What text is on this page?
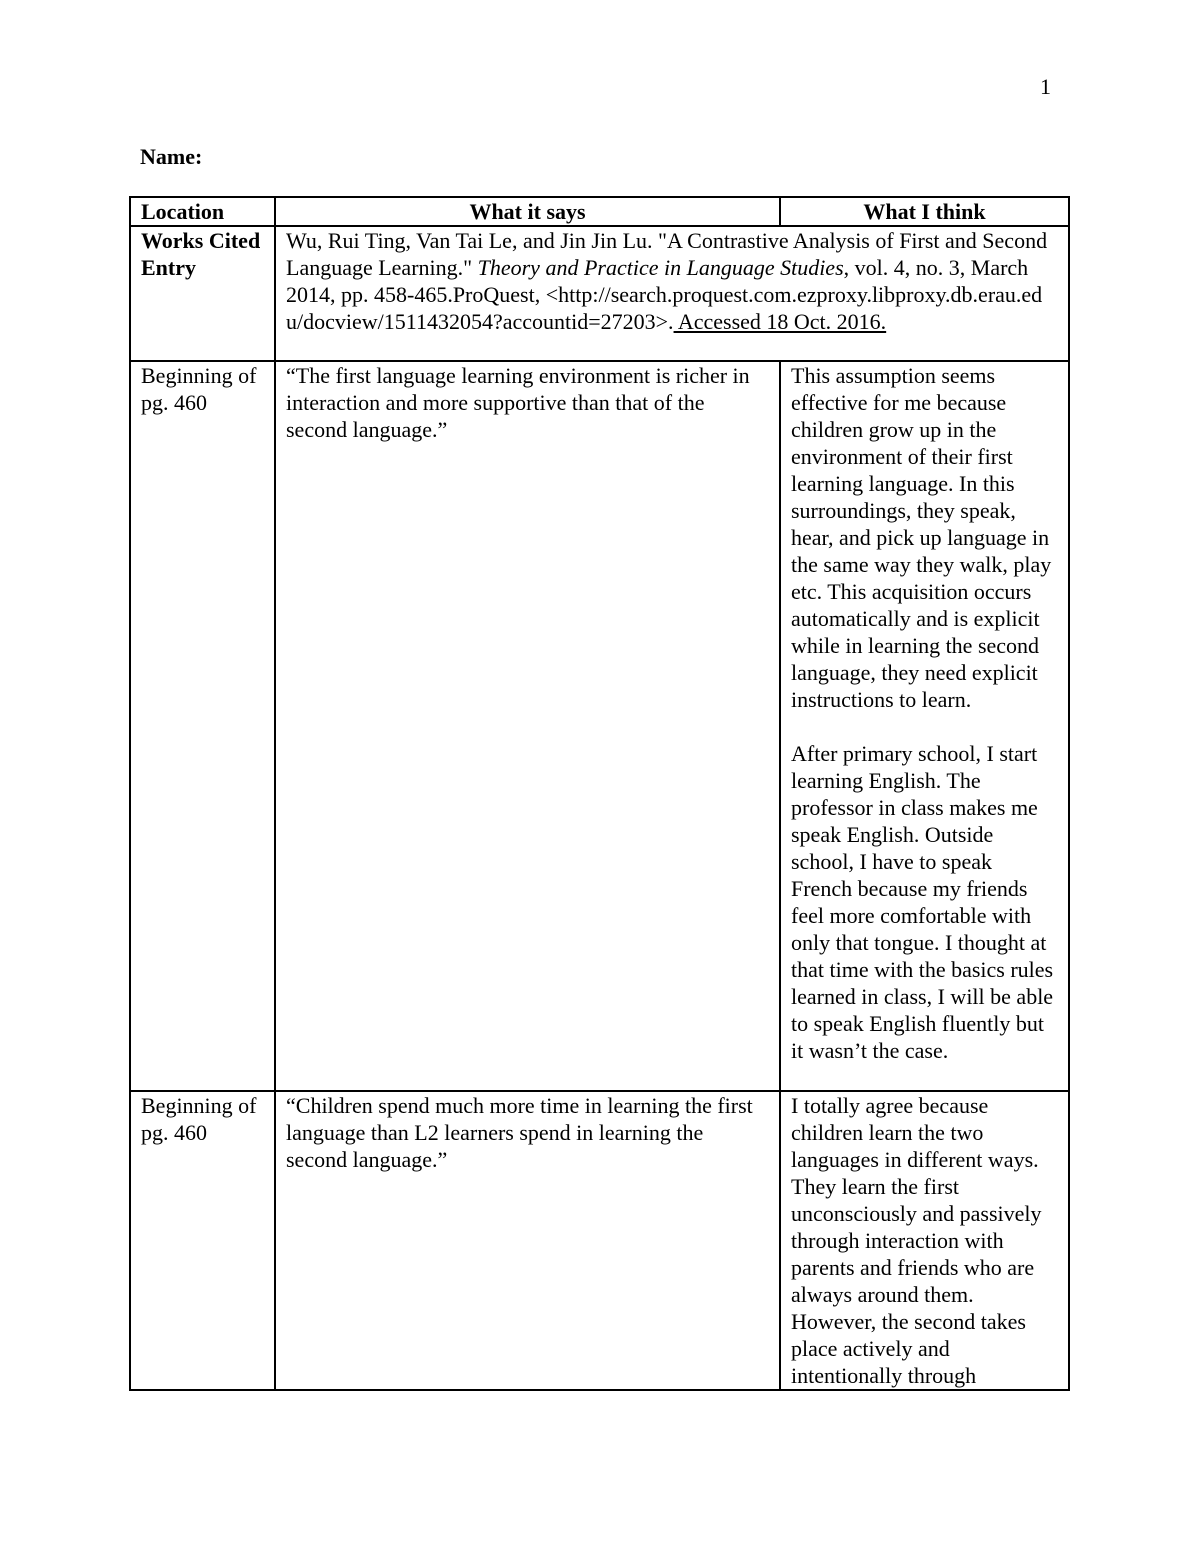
1
Name:
Location	What it says	What I think
Works Cited Entry	Wu, Rui Ting, Van Tai Le, and Jin Jin Lu. "A Contrastive Analysis of First and Second Language Learning." Theory and Practice in Language Studies, vol. 4, no. 3, March 2014, pp. 458-465.ProQuest, <http://search.proquest.com.ezproxy.libproxy.db.erau.edu/docview/1511432054?accountid=27203>. Accessed 18 Oct. 2016.	
Beginning of pg. 460	“The first language learning environment is richer in interaction and more supportive than that of the second language.”	This assumption seems effective for me because children grow up in the environment of their first learning language. In this surroundings, they speak, hear, and pick up language in the same way they walk, play etc. This acquisition occurs automatically and is explicit while in learning the second language, they need explicit instructions to learn.
After primary school, I start learning English. The professor in class makes me speak English. Outside school, I have to speak French because my friends feel more comfortable with only that tongue. I thought at that time with the basics rules learned in class, I will be able to speak English fluently but it wasn’t the case.

Beginning of pg. 460	“Children spend much more time in learning the first language than L2 learners spend in learning the second language.”	I totally agree because children learn the two languages in different ways. They learn the first unconsciously and passively through interaction with parents and friends who are always around them. However, the second takes place actively and intentionally through
